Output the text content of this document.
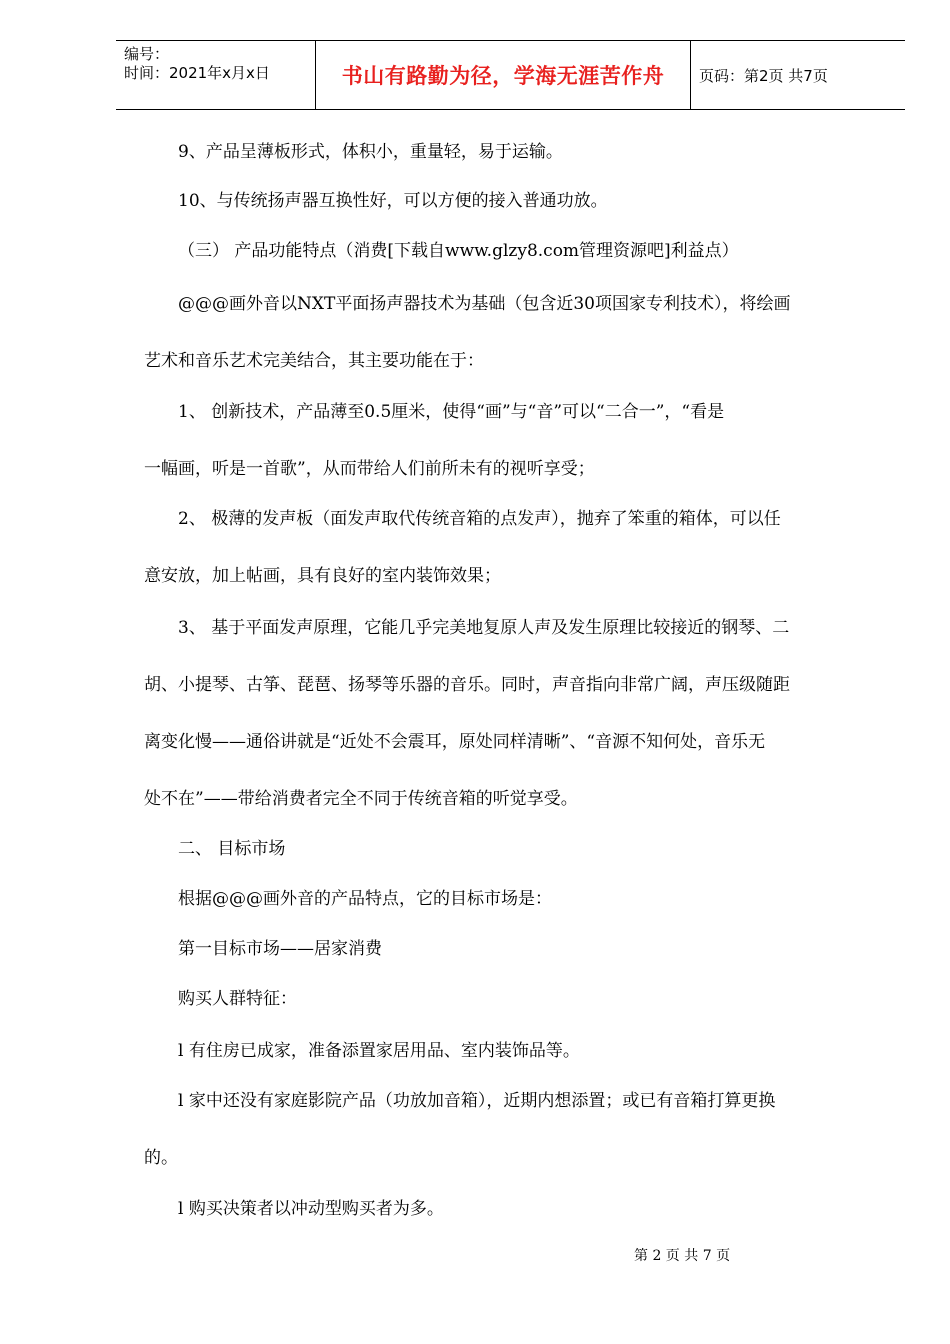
编号：
时间：2021年x月x日	书山有路勤为径，学海无涯苦作舟 页码：第2页 共7页
9、产品呈薄板形式，体积小，重量轻，易于运输。
10、与传统扬声器互换性好，可以方便的接入普通功放。
（三） 产品功能特点（消费[下载自www.glzy8.com管理资源吧]利益点）
@@@画外音以NXT平面扬声器技术为基础（包含近30项国家专利技术），将绘画
艺术和音乐艺术完美结合，其主要功能在于：
1、 创新技术，产品薄至0.5厘米，使得“画”与“音”可以“二合一”，“看是
一幅画，听是一首歌”，从而带给人们前所未有的视听享受；
2、 极薄的发声板（面发声取代传统音箱的点发声），抛弃了笨重的箱体，可以任
意安放，加上帖画，具有良好的室内装饰效果；
3、 基于平面发声原理，它能几乎完美地复原人声及发生原理比较接近的钢琴、二
胡、小提琴、古筝、琵琶、扬琴等乐器的音乐。同时，声音指向非常广阔，声压级随距
离变化慢——通俗讲就是“近处不会震耳，原处同样清晰”、“音源不知何处，音乐无
处不在”——带给消费者完全不同于传统音箱的听觉享受。
二、 目标市场
根据@@@画外音的产品特点，它的目标市场是：
第一目标市场——居家消费
购买人群特征：
l 有住房已成家，准备添置家居用品、室内装饰品等。
l 家中还没有家庭影院产品（功放加音箱），近期内想添置；或已有音箱打算更换
的。
l 购买决策者以冲动型购买者为多。
第 2 页 共 7 页
